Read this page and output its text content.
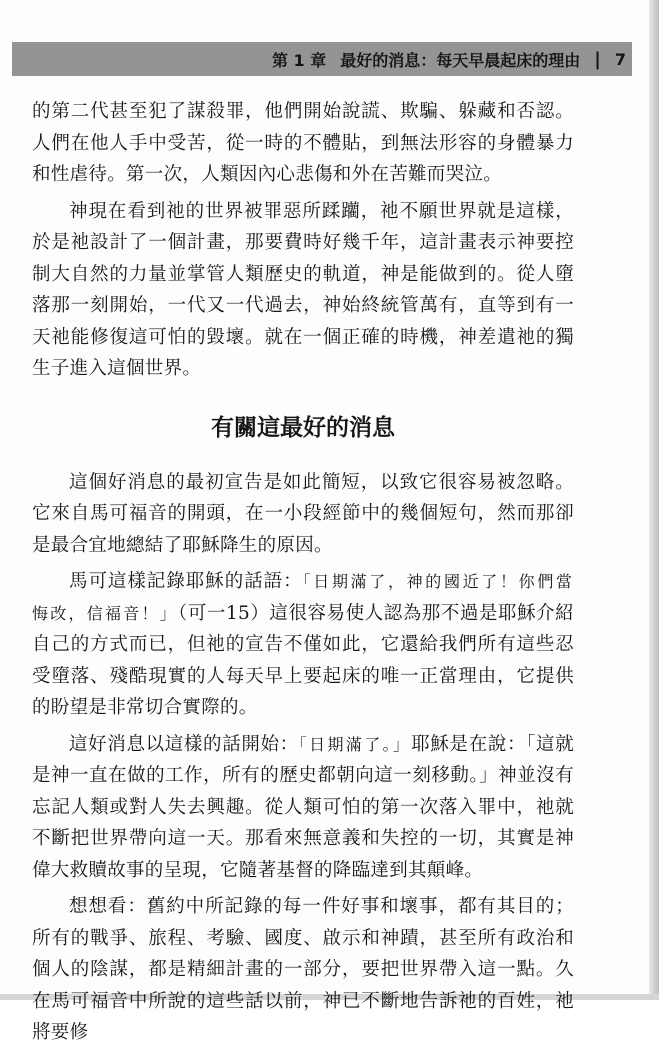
第 1 章 最好的消息：每天早晨起床的理由 | 7

的第二代甚至犯了謀殺罪，他們開始說謊、欺騙、躲藏和否認。人們在他人手中受苦，從一時的不體貼，到無法形容的身體暴力和性虐待。第一次，人類因內心悲傷和外在苦難而哭泣。

神現在看到祂的世界被罪惡所蹂躪，祂不願世界就是這樣，於是祂設計了一個計畫，那要費時好幾千年，這計畫表示神要控制大自然的力量並掌管人類歷史的軌道，神是能做到的。從人墮落那一刻開始，一代又一代過去，神始終統管萬有，直等到有一天祂能修復這可怕的毀壞。就在一個正確的時機，神差遣祂的獨生子進入這個世界。

有關這最好的消息

這個好消息的最初宣告是如此簡短，以致它很容易被忽略。它來自馬可福音的開頭，在一小段經節中的幾個短句，然而那卻是最合宜地總結了耶穌降生的原因。

馬可這樣記錄耶穌的話語：「日期滿了，神的國近了！你們當悔改，信福音！」（可一15）這很容易使人認為那不過是耶穌介紹自己的方式而已，但祂的宣告不僅如此，它還給我們所有這些忍受墮落、殘酷現實的人每天早上要起床的唯一正當理由，它提供的盼望是非常切合實際的。

這好消息以這樣的話開始：「日期滿了。」耶穌是在說：「這就是神一直在做的工作，所有的歷史都朝向這一刻移動。」神並沒有忘記人類或對人失去興趣。從人類可怕的第一次落入罪中，祂就不斷把世界帶向這一天。那看來無意義和失控的一切，其實是神偉大救贖故事的呈現，它隨著基督的降臨達到其顛峰。

想想看：舊約中所記錄的每一件好事和壞事，都有其目的；所有的戰爭、旅程、考驗、國度、啟示和神蹟，甚至所有政治和個人的陰謀，都是精細計畫的一部分，要把世界帶入這一點。久在馬可福音中所說的這些話以前，神已不斷地告訴祂的百姓，祂將要修
